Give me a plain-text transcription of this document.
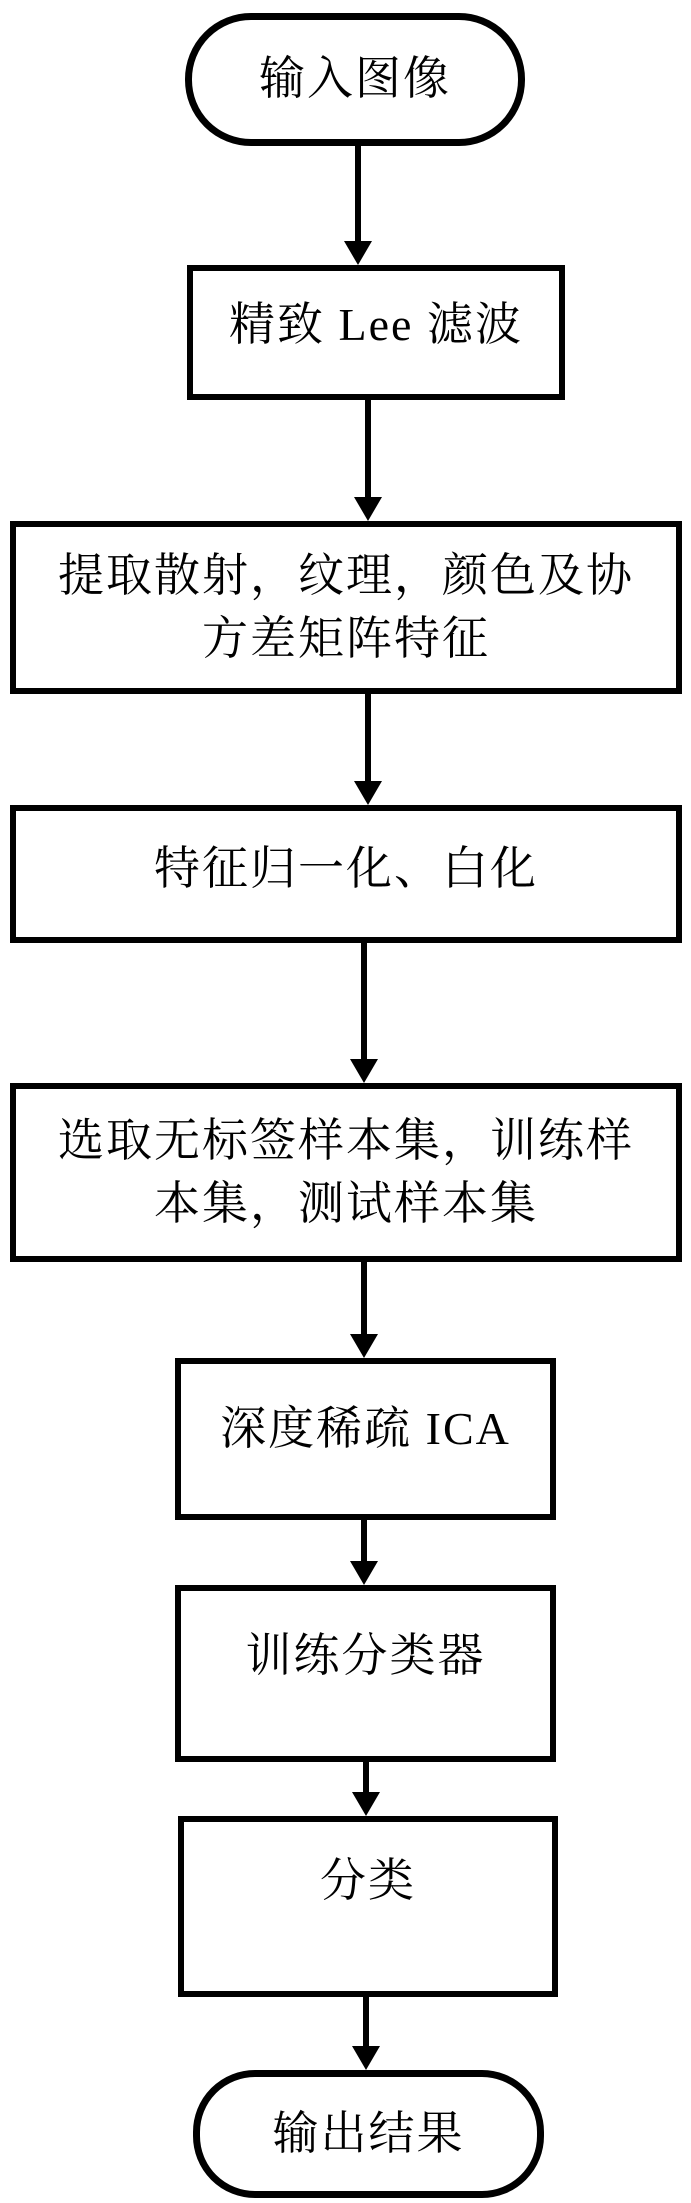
输入图像
精致 Lee 滤波
提取散射，纹理，颜色及协
方差矩阵特征
特征归一化、白化
选取无标签样本集，训练样
本集，测试样本集
深度稀疏 ICA
训练分类器
分类
输出结果
